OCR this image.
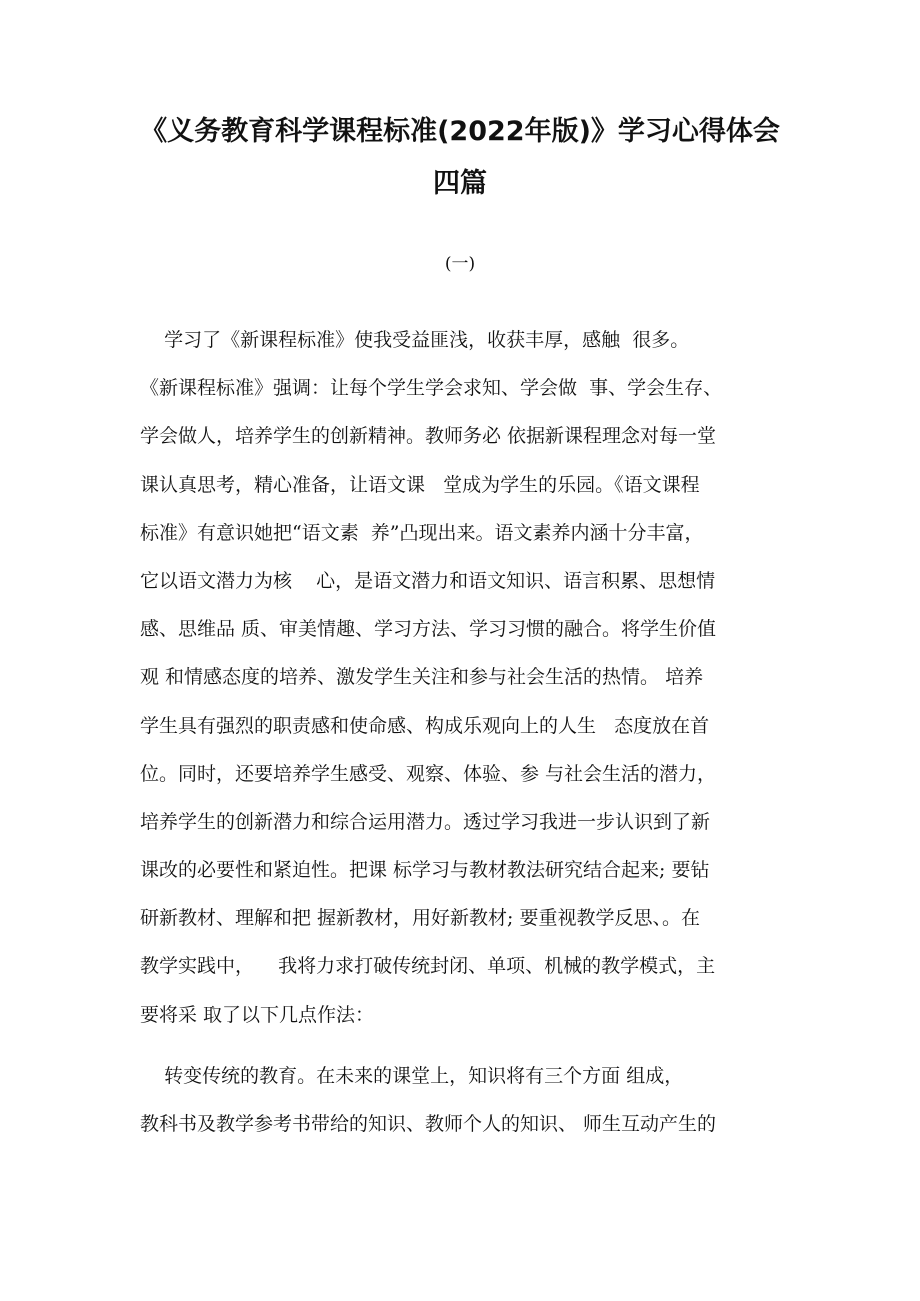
《义务教育科学课程标准(2022年版)》学习心得体会
四篇
(一)
学习了《新课程标准》使我受益匪浅，收获丰厚，感触  很多。
《新课程标准》强调：让每个学生学会求知、学会做  事、学会生存、
学会做人，培养学生的创新精神。教师务必 依据新课程理念对每一堂
课认真思考，精心准备，让语文课   堂成为学生的乐园。《语文课程
标准》有意识她把“语文素  养”凸现出来。语文素养内涵十分丰富，
它以语文潜力为核    心，是语文潜力和语文知识、语言积累、思想情
感、思维品 质、审美情趣、学习方法、学习习惯的融合。将学生价值
观 和情感态度的培养、激发学生关注和参与社会生活的热情。 培养
学生具有强烈的职责感和使命感、构成乐观向上的人生   态度放在首
位。同时，还要培养学生感受、观察、体验、参 与社会生活的潜力，
培养学生的创新潜力和综合运用潜力。透过学习我进一步认识到了新
课改的必要性和紧迫性。把课 标学习与教材教法研究结合起来; 要钻
研新教材、理解和把 握新教材，用好新教材; 要重视教学反思、。在
教学实践中，    我将力求打破传统封闭、单项、机械的教学模式，主
要将采 取了以下几点作法：
转变传统的教育。在未来的课堂上，知识将有三个方面 组成，
教科书及教学参考书带给的知识、教师个人的知识、 师生互动产生的
